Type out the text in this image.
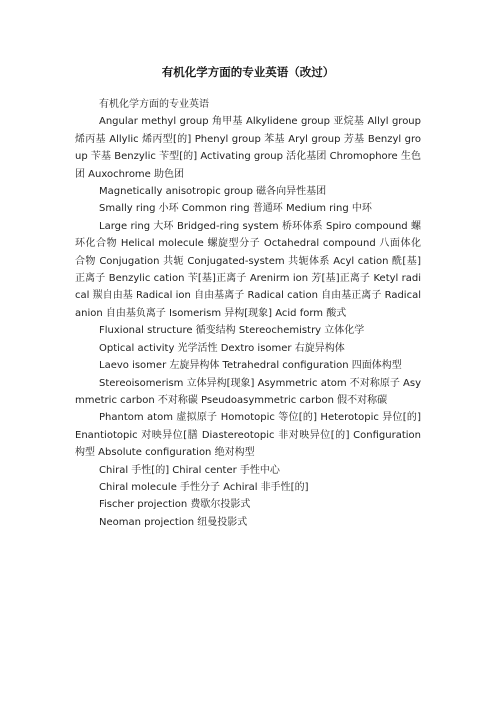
有机化学方面的专业英语（改过）

有机化学方面的专业英语

Angular methyl group 角甲基 Alkylidene group 亚烷基 Allyl group 烯丙基 Allylic 烯丙型[的] Phenyl group 苯基 Aryl group 芳基 Benzyl group 苄基 Benzylic 苄型[的] Activating group 活化基团 Chromophore 生色团 Auxochrome 助色团

Magnetically anisotropic group 磁各向异性基团

Smally ring 小环 Common ring 普通环 Medium ring 中环

Large ring 大环 Bridged-ring system 桥环体系 Spiro compound 螺环化合物 Helical molecule 螺旋型分子 Octahedral compound 八面体化合物 Conjugation 共轭 Conjugated-system 共轭体系 Acyl cation 酰[基]正离子 Benzylic cation 苄[基]正离子 Arenirm ion 芳[基]正离子 Ketyl radical 羰自由基 Radical ion 自由基离子 Radical cation 自由基正离子 Radical anion 自由基负离子 Isomerism 异构[现象] Acid form 酸式

Fluxional structure 循变结构 Stereochemistry 立体化学

Optical activity 光学活性 Dextro isomer 右旋异构体

Laevo isomer 左旋异构体 Tetrahedral configuration 四面体构型

Stereoisomerism 立体异构[现象] Asymmetric atom 不对称原子 Asymmetric carbon 不对称碳 Pseudoasymmetric carbon 假不对称碳

Phantom atom 虚拟原子 Homotopic 等位[的] Heterotopic 异位[的] Enantiotopic 对映异位[膳 Diastereotopic 非对映异位[的] Configuration 构型 Absolute configuration 绝对构型

Chiral 手性[的] Chiral center 手性中心

Chiral molecule 手性分子 Achiral 非手性[的]

Fischer projection 费歇尔投影式

Neoman projection 纽曼投影式
